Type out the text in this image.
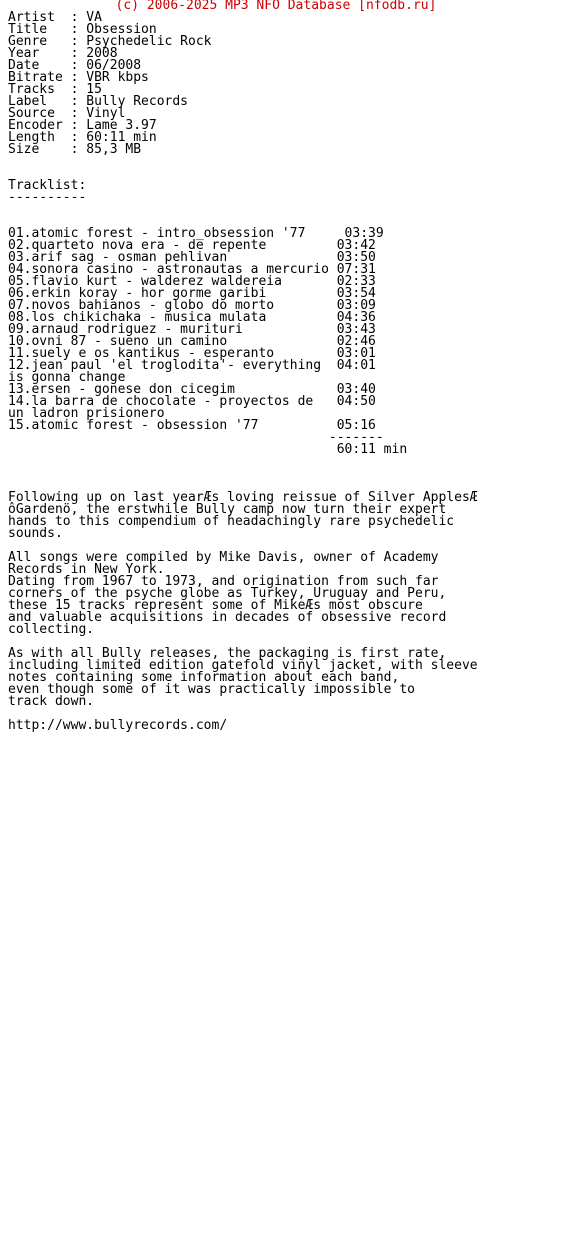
(c) 2006-2025 MP3 NFO Database [nfodb.ru]
Artist  : VA
Title   : Obsession
Genre   : Psychedelic Rock
Year    : 2008
Date    : 06/2008
Bitrate : VBR kbps
Tracks  : 15
Label   : Bully Records
Source  : Vinyl
Encoder : Lame 3.97
Length  : 60:11 min
Size    : 85,3 MB
Tracklist:
----------
01.atomic forest - intro_obsession '77     03:39
02.quarteto nova era - de repente         03:42
03.arif sag - osman pehlivan              03:50
04.sonora casino - astronautas a mercurio 07:31
05.flavio kurt - walderez waldereia       02:33
06.erkin koray - hor gorme garibi         03:54
07.novos bahianos - globo do morto        03:09
08.los chikichaka - musica mulata         04:36
09.arnaud rodriguez - murituri            03:43
10.ovni 87 - sueno un camino              02:46
11.suely e os kantikus - esperanto        03:01
12.jean paul 'el troglodita'- everything  04:01
is gonna change
13.ersen - gonese don cicegim             03:40
14.la barra de chocolate - proyectos de   04:50
un ladron prisionero
15.atomic forest - obsession '77          05:16
-------
60:11 min
Following up on last yearÆs loving reissue of Silver ApplesÆ
ôGardenö, the erstwhile Bully camp now turn their expert
hands to this compendium of headachingly rare psychedelic
sounds.
All songs were compiled by Mike Davis, owner of Academy
Records in New York.
Dating from 1967 to 1973, and origination from such far
corners of the psyche globe as Turkey, Uruguay and Peru,
these 15 tracks represent some of MikeÆs most obscure
and valuable acquisitions in decades of obsessive record
collecting.
As with all Bully releases, the packaging is first rate,
including limited edition gatefold vinyl jacket, with sleeve
notes containing some information about each band,
even though some of it was practically impossible to
track down.
http://www.bullyrecords.com/
